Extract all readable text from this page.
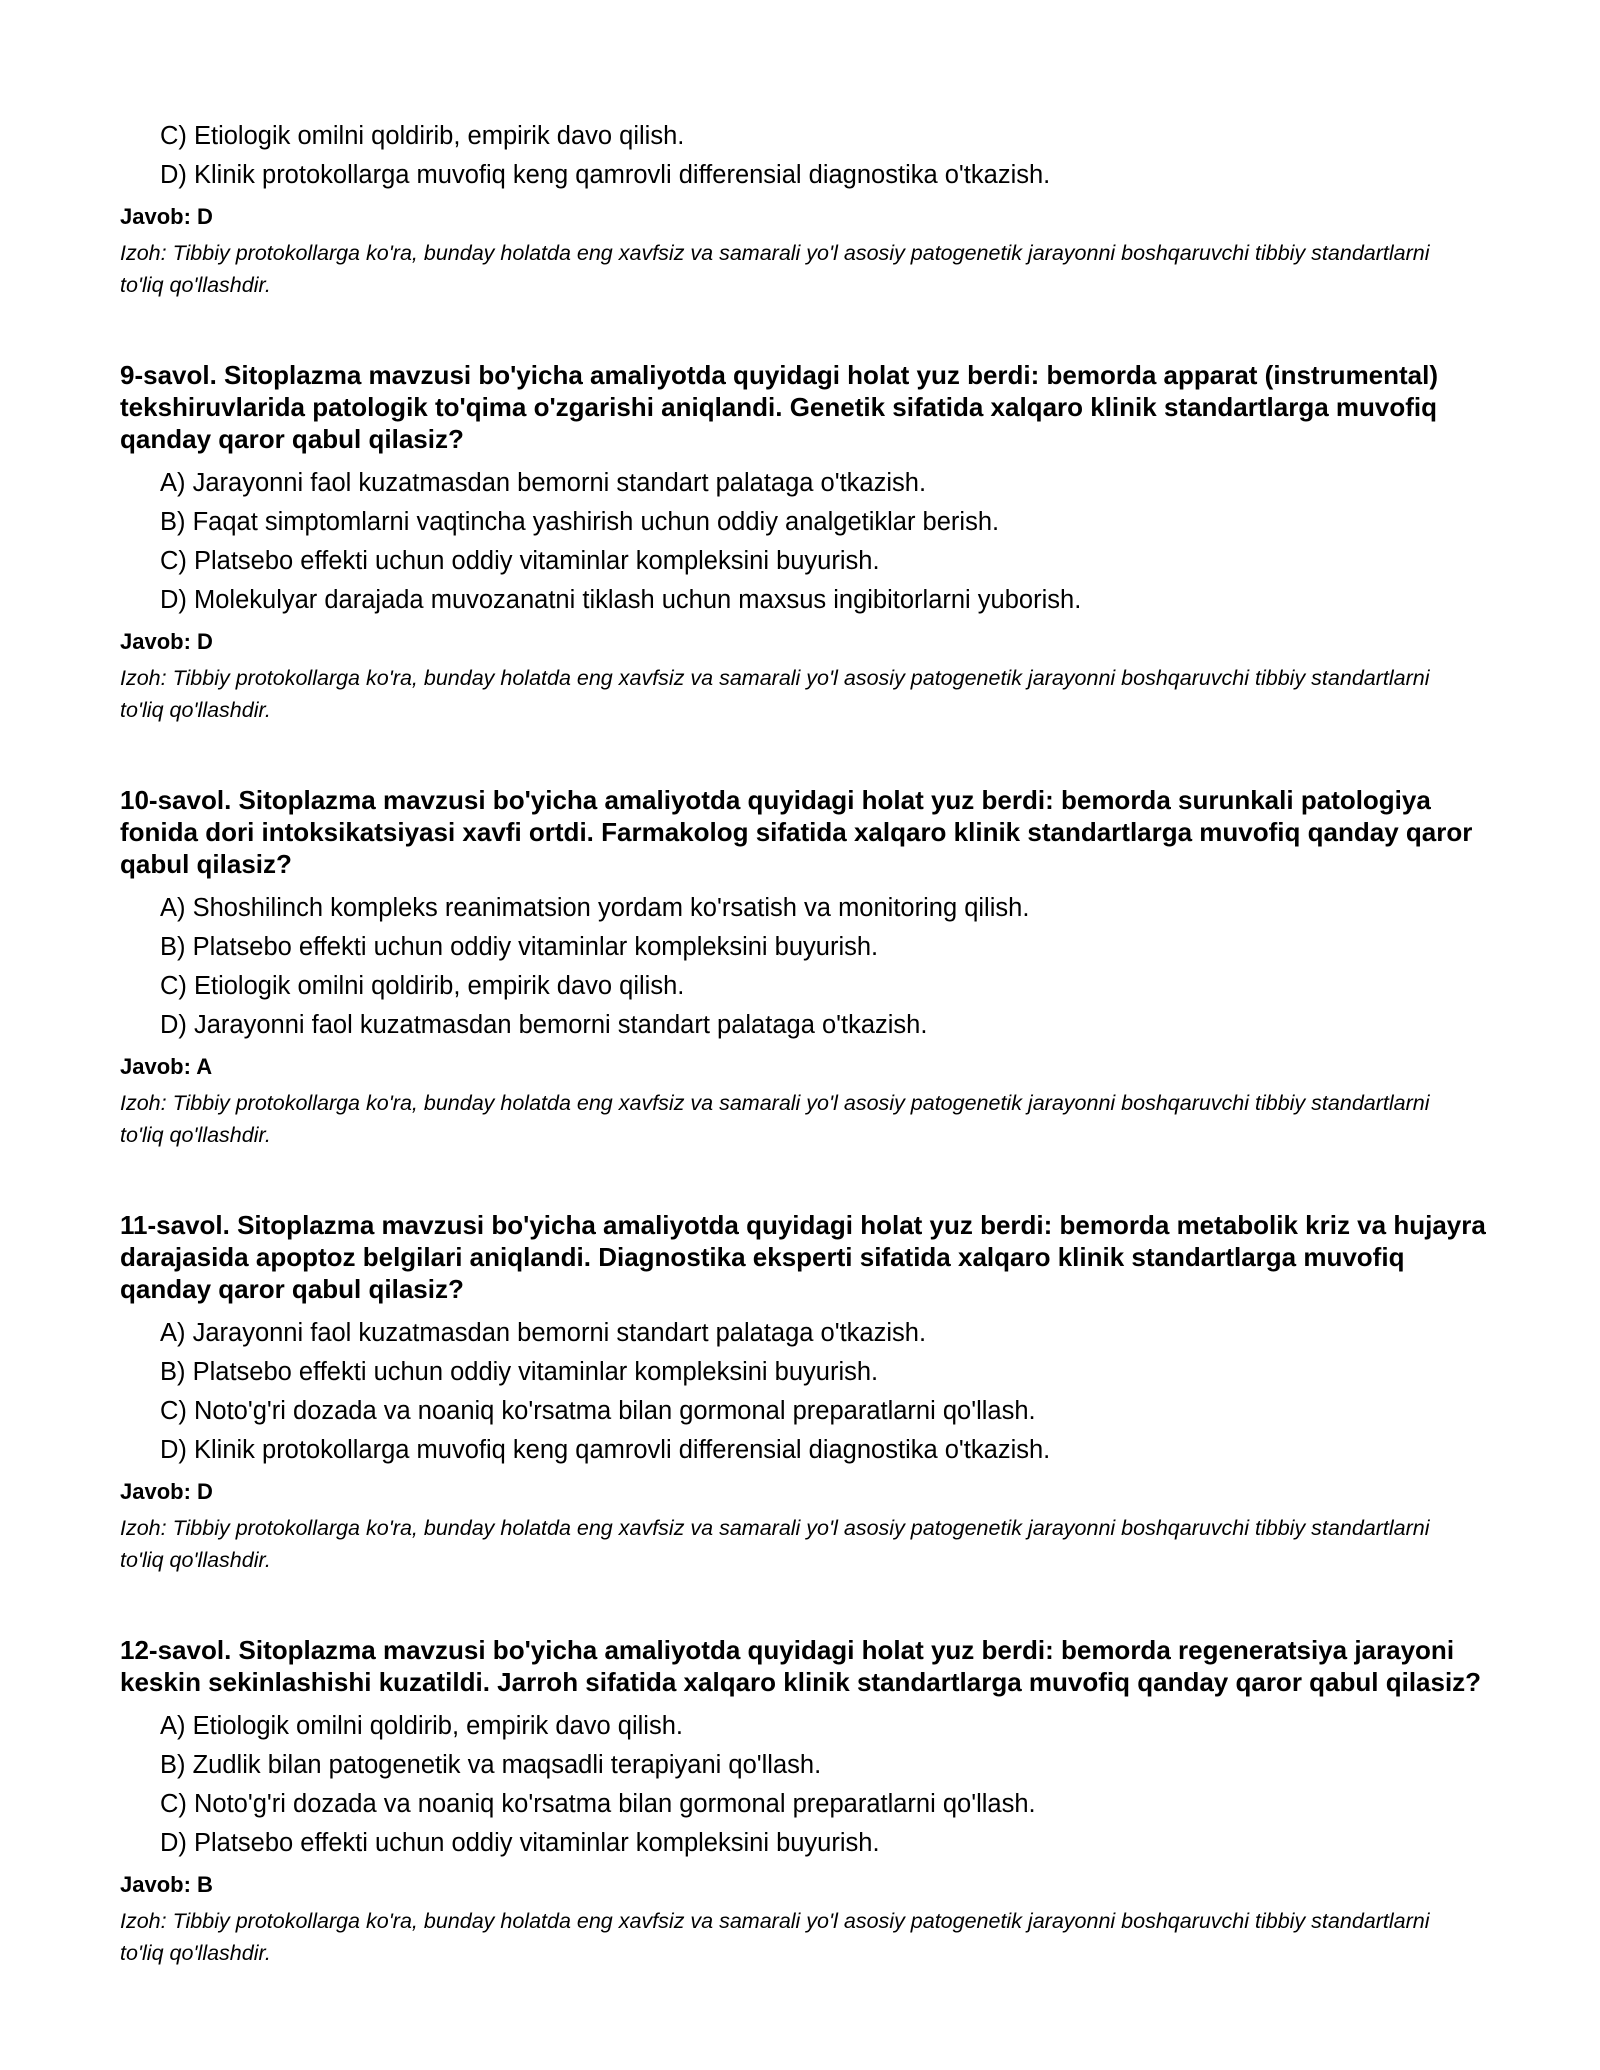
C) Etiologik omilni qoldirib, empirik davo qilish.

D) Klinik protokollarga muvofiq keng qamrovli differensial diagnostika o'tkazish.

Javob: D

Izoh: Tibbiy protokollarga ko'ra, bunday holatda eng xavfsiz va samarali yo'l asosiy patogenetik jarayonni boshqaruvchi tibbiy standartlarni to'liq qo'llashdir.

9-savol. Sitoplazma mavzusi bo'yicha amaliyotda quyidagi holat yuz berdi: bemorda apparat (instrumental) tekshiruvlarida patologik to'qima o'zgarishi aniqlandi. Genetik sifatida xalqaro klinik standartlarga muvofiq qanday qaror qabul qilasiz?

A) Jarayonni faol kuzatmasdan bemorni standart palataga o'tkazish.

B) Faqat simptomlarni vaqtincha yashirish uchun oddiy analgetiklar berish.

C) Platsebo effekti uchun oddiy vitaminlar kompleksini buyurish.

D) Molekulyar darajada muvozanatni tiklash uchun maxsus ingibitorlarni yuborish.

Javob: D

Izoh: Tibbiy protokollarga ko'ra, bunday holatda eng xavfsiz va samarali yo'l asosiy patogenetik jarayonni boshqaruvchi tibbiy standartlarni to'liq qo'llashdir.

10-savol. Sitoplazma mavzusi bo'yicha amaliyotda quyidagi holat yuz berdi: bemorda surunkali patologiya fonida dori intoksikatsiyasi xavfi ortdi. Farmakolog sifatida xalqaro klinik standartlarga muvofiq qanday qaror qabul qilasiz?

A) Shoshilinch kompleks reanimatsion yordam ko'rsatish va monitoring qilish.

B) Platsebo effekti uchun oddiy vitaminlar kompleksini buyurish.

C) Etiologik omilni qoldirib, empirik davo qilish.

D) Jarayonni faol kuzatmasdan bemorni standart palataga o'tkazish.

Javob: A

Izoh: Tibbiy protokollarga ko'ra, bunday holatda eng xavfsiz va samarali yo'l asosiy patogenetik jarayonni boshqaruvchi tibbiy standartlarni to'liq qo'llashdir.

11-savol. Sitoplazma mavzusi bo'yicha amaliyotda quyidagi holat yuz berdi: bemorda metabolik kriz va hujayra darajasida apoptoz belgilari aniqlandi. Diagnostika eksperti sifatida xalqaro klinik standartlarga muvofiq qanday qaror qabul qilasiz?

A) Jarayonni faol kuzatmasdan bemorni standart palataga o'tkazish.

B) Platsebo effekti uchun oddiy vitaminlar kompleksini buyurish.

C) Noto'g'ri dozada va noaniq ko'rsatma bilan gormonal preparatlarni qo'llash.

D) Klinik protokollarga muvofiq keng qamrovli differensial diagnostika o'tkazish.

Javob: D

Izoh: Tibbiy protokollarga ko'ra, bunday holatda eng xavfsiz va samarali yo'l asosiy patogenetik jarayonni boshqaruvchi tibbiy standartlarni to'liq qo'llashdir.

12-savol. Sitoplazma mavzusi bo'yicha amaliyotda quyidagi holat yuz berdi: bemorda regeneratsiya jarayoni keskin sekinlashishi kuzatildi. Jarroh sifatida xalqaro klinik standartlarga muvofiq qanday qaror qabul qilasiz?

A) Etiologik omilni qoldirib, empirik davo qilish.

B) Zudlik bilan patogenetik va maqsadli terapiyani qo'llash.

C) Noto'g'ri dozada va noaniq ko'rsatma bilan gormonal preparatlarni qo'llash.

D) Platsebo effekti uchun oddiy vitaminlar kompleksini buyurish.

Javob: B

Izoh: Tibbiy protokollarga ko'ra, bunday holatda eng xavfsiz va samarali yo'l asosiy patogenetik jarayonni boshqaruvchi tibbiy standartlarni to'liq qo'llashdir.
